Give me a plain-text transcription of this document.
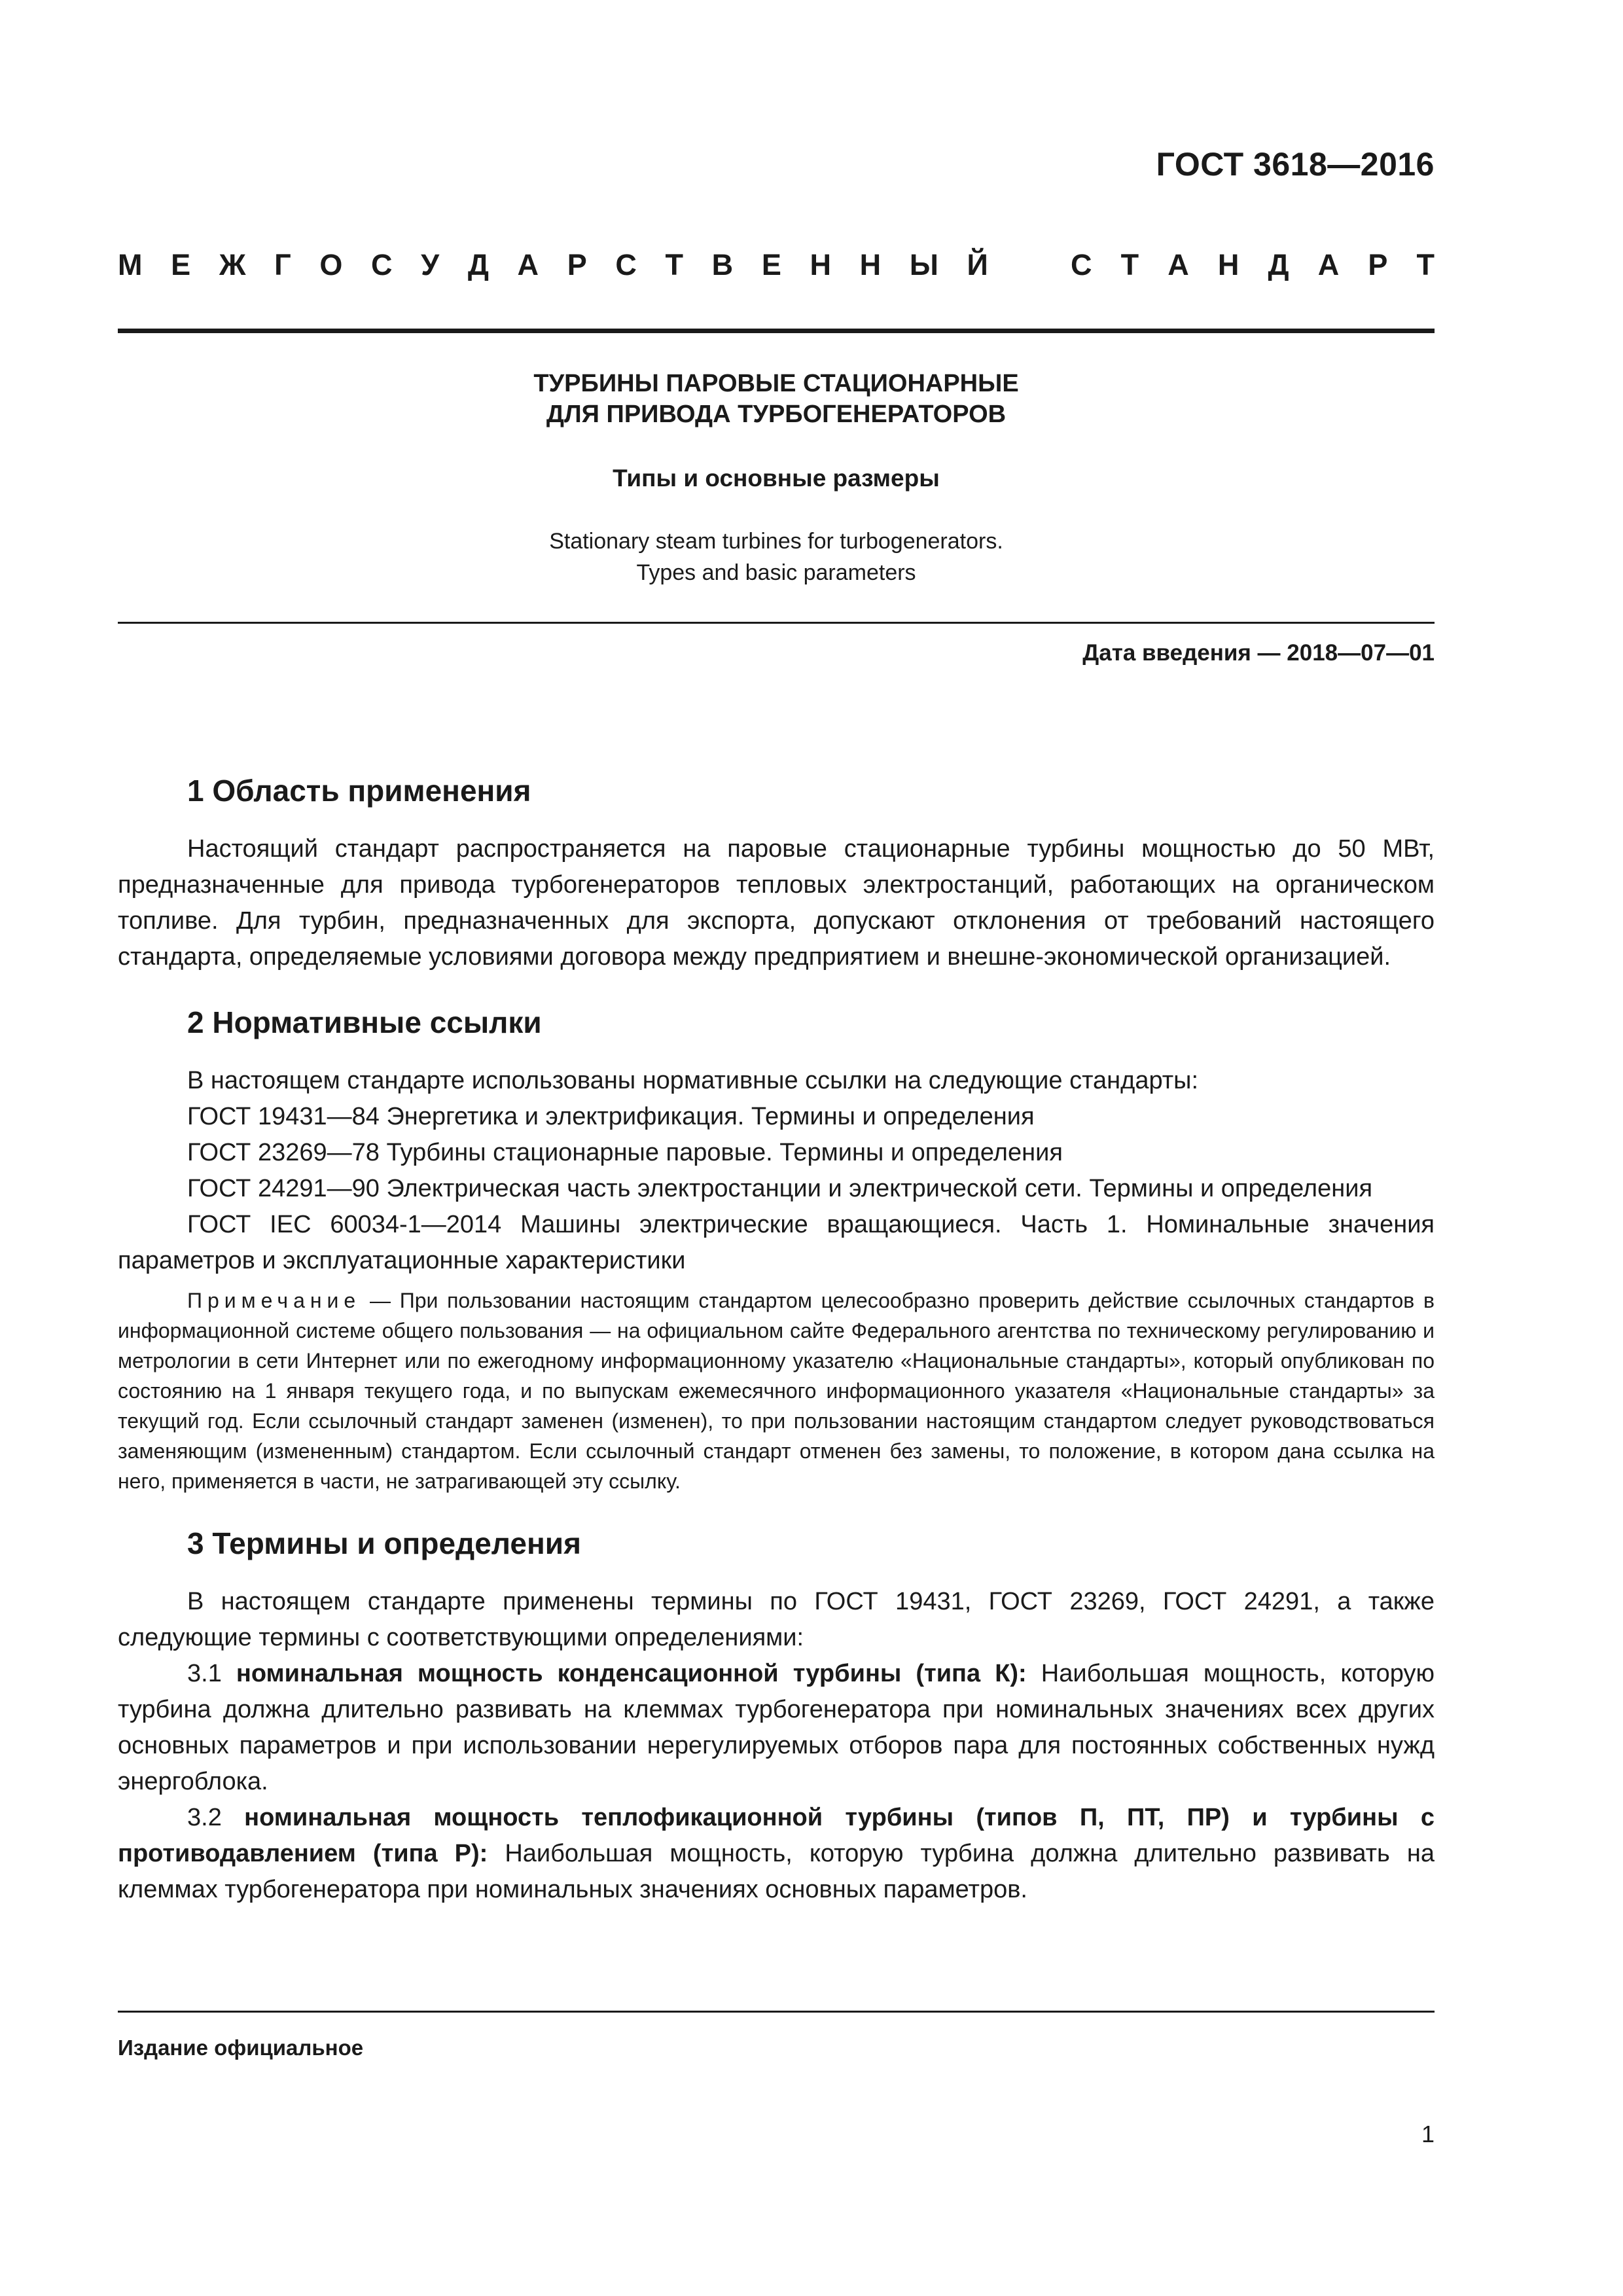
ГОСТ 3618—2016
М Е Ж Г О С У Д А Р С Т В Е Н Н Ы Й	С Т А Н Д А Р Т
ТУРБИНЫ ПАРОВЫЕ СТАЦИОНАРНЫЕ
ДЛЯ ПРИВОДА ТУРБОГЕНЕРАТОРОВ
Типы и основные размеры
Stationary steam turbines for turbogenerators.
Types and basic parameters
Дата введения — 2018—07—01
1 Область применения

Настоящий стандарт распространяется на паровые стационарные турбины мощностью до 50 МВт, предназначенные для привода турбогенераторов тепловых электростанций, работающих на органическом топливе. Для турбин, предназначенных для экспорта, допускают отклонения от требований настоящего стандарта, определяемые условиями договора между предприятием и внешне-экономической организацией.

2 Нормативные ссылки

В настоящем стандарте использованы нормативные ссылки на следующие стандарты:

ГОСТ 19431—84 Энергетика и электрификация. Термины и определения

ГОСТ 23269—78 Турбины стационарные паровые. Термины и определения

ГОСТ 24291—90 Электрическая часть электростанции и электрической сети. Термины и определения

ГОСТ IEC 60034-1—2014 Машины электрические вращающиеся. Часть 1. Номинальные значения параметров и эксплуатационные характеристики

Примечание — При пользовании настоящим стандартом целесообразно проверить действие ссылочных стандартов в информационной системе общего пользования — на официальном сайте Федерального агентства по техническому регулированию и метрологии в сети Интернет или по ежегодному информационному указателю «Национальные стандарты», который опубликован по состоянию на 1 января текущего года, и по выпускам ежемесячного информационного указателя «Национальные стандарты» за текущий год. Если ссылочный стандарт заменен (изменен), то при пользовании настоящим стандартом следует руководствоваться заменяющим (измененным) стандартом. Если ссылочный стандарт отменен без замены, то положение, в котором дана ссылка на него, применяется в части, не затрагивающей эту ссылку.
3 Термины и определения

В настоящем стандарте применены термины по ГОСТ 19431, ГОСТ 23269, ГОСТ 24291, а также следующие термины с соответствующими определениями:

3.1 номинальная мощность конденсационной турбины (типа К): Наибольшая мощность, которую турбина должна длительно развивать на клеммах турбогенератора при номинальных значениях всех других основных параметров и при использовании нерегулируемых отборов пара для постоянных собственных нужд энергоблока.

3.2 номинальная мощность теплофикационной турбины (типов П, ПТ, ПР) и турбины с противодавлением (типа Р): Наибольшая мощность, которую турбина должна длительно развивать на клеммах турбогенератора при номинальных значениях основных параметров.

Издание официальное
1
